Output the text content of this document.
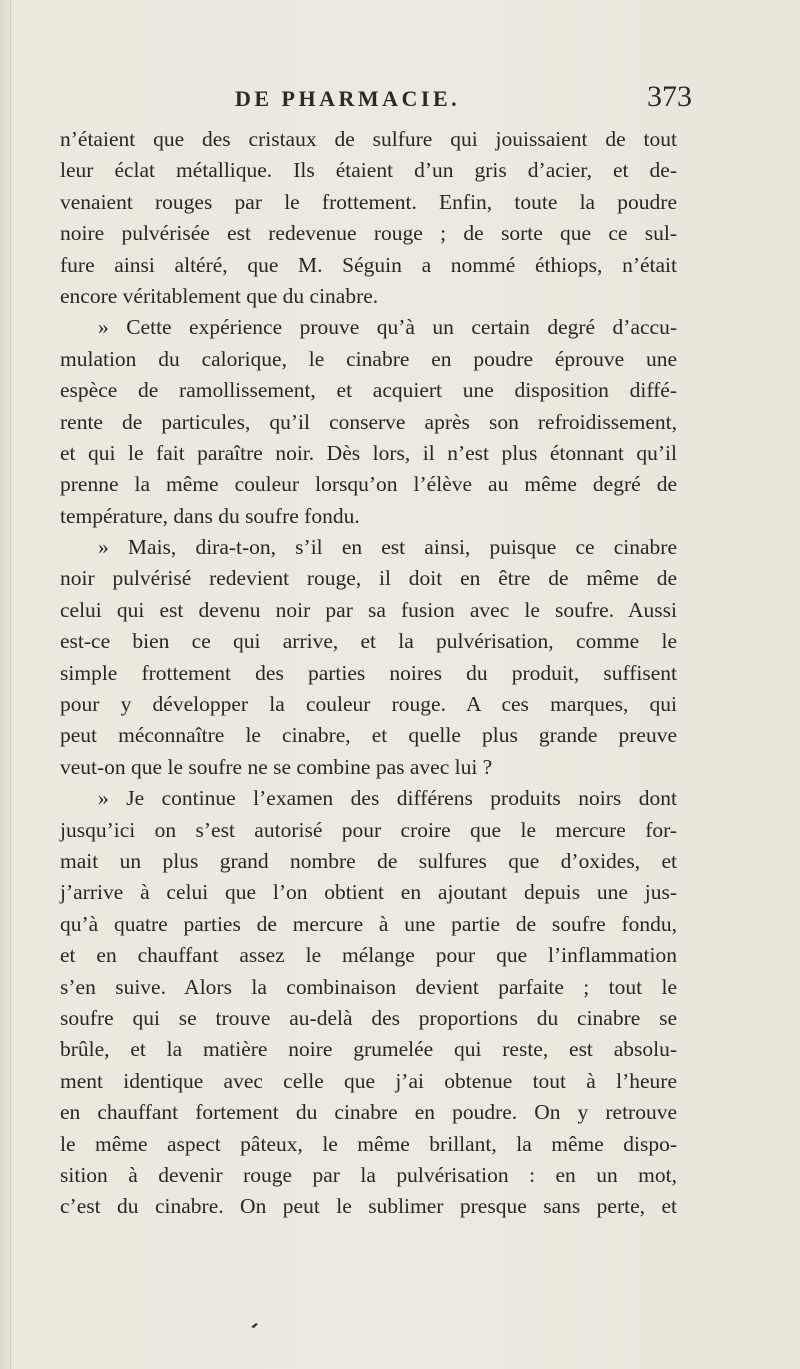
DE PHARMACIE.	373
n’étaient que des cristaux de sulfure qui jouissaient de tout
leur éclat métallique. Ils étaient d’un gris d’acier, et de-
venaient rouges par le frottement. Enfin, toute la poudre
noire pulvérisée est redevenue rouge ; de sorte que ce sul-
fure ainsi altéré, que M. Séguin a nommé éthiops, n’était
encore véritablement que du cinabre.
» Cette expérience prouve qu’à un certain degré d’accu-
mulation du calorique, le cinabre en poudre éprouve une
espèce de ramollissement, et acquiert une disposition diffé-
rente de particules, qu’il conserve après son refroidissement,
et qui le fait paraître noir. Dès lors, il n’est plus étonnant qu’il
prenne la même couleur lorsqu’on l’élève au même degré de
température, dans du soufre fondu.
» Mais, dira-t-on, s’il en est ainsi, puisque ce cinabre
noir pulvérisé redevient rouge, il doit en être de même de
celui qui est devenu noir par sa fusion avec le soufre. Aussi
est-ce bien ce qui arrive, et la pulvérisation, comme le
simple frottement des parties noires du produit, suffisent
pour y développer la couleur rouge. A ces marques, qui
peut méconnaître le cinabre, et quelle plus grande preuve
veut-on que le soufre ne se combine pas avec lui ?
» Je continue l’examen des différens produits noirs dont
jusqu’ici on s’est autorisé pour croire que le mercure for-
mait un plus grand nombre de sulfures que d’oxides, et
j’arrive à celui que l’on obtient en ajoutant depuis une jus-
qu’à quatre parties de mercure à une partie de soufre fondu,
et en chauffant assez le mélange pour que l’inflammation
s’en suive. Alors la combinaison devient parfaite ; tout le
soufre qui se trouve au-delà des proportions du cinabre se
brûle, et la matière noire grumelée qui reste, est absolu-
ment identique avec celle que j’ai obtenue tout à l’heure
en chauffant fortement du cinabre en poudre. On y retrouve
le même aspect pâteux, le même brillant, la même dispo-
sition à devenir rouge par la pulvérisation : en un mot,
c’est du cinabre. On peut le sublimer presque sans perte, et
